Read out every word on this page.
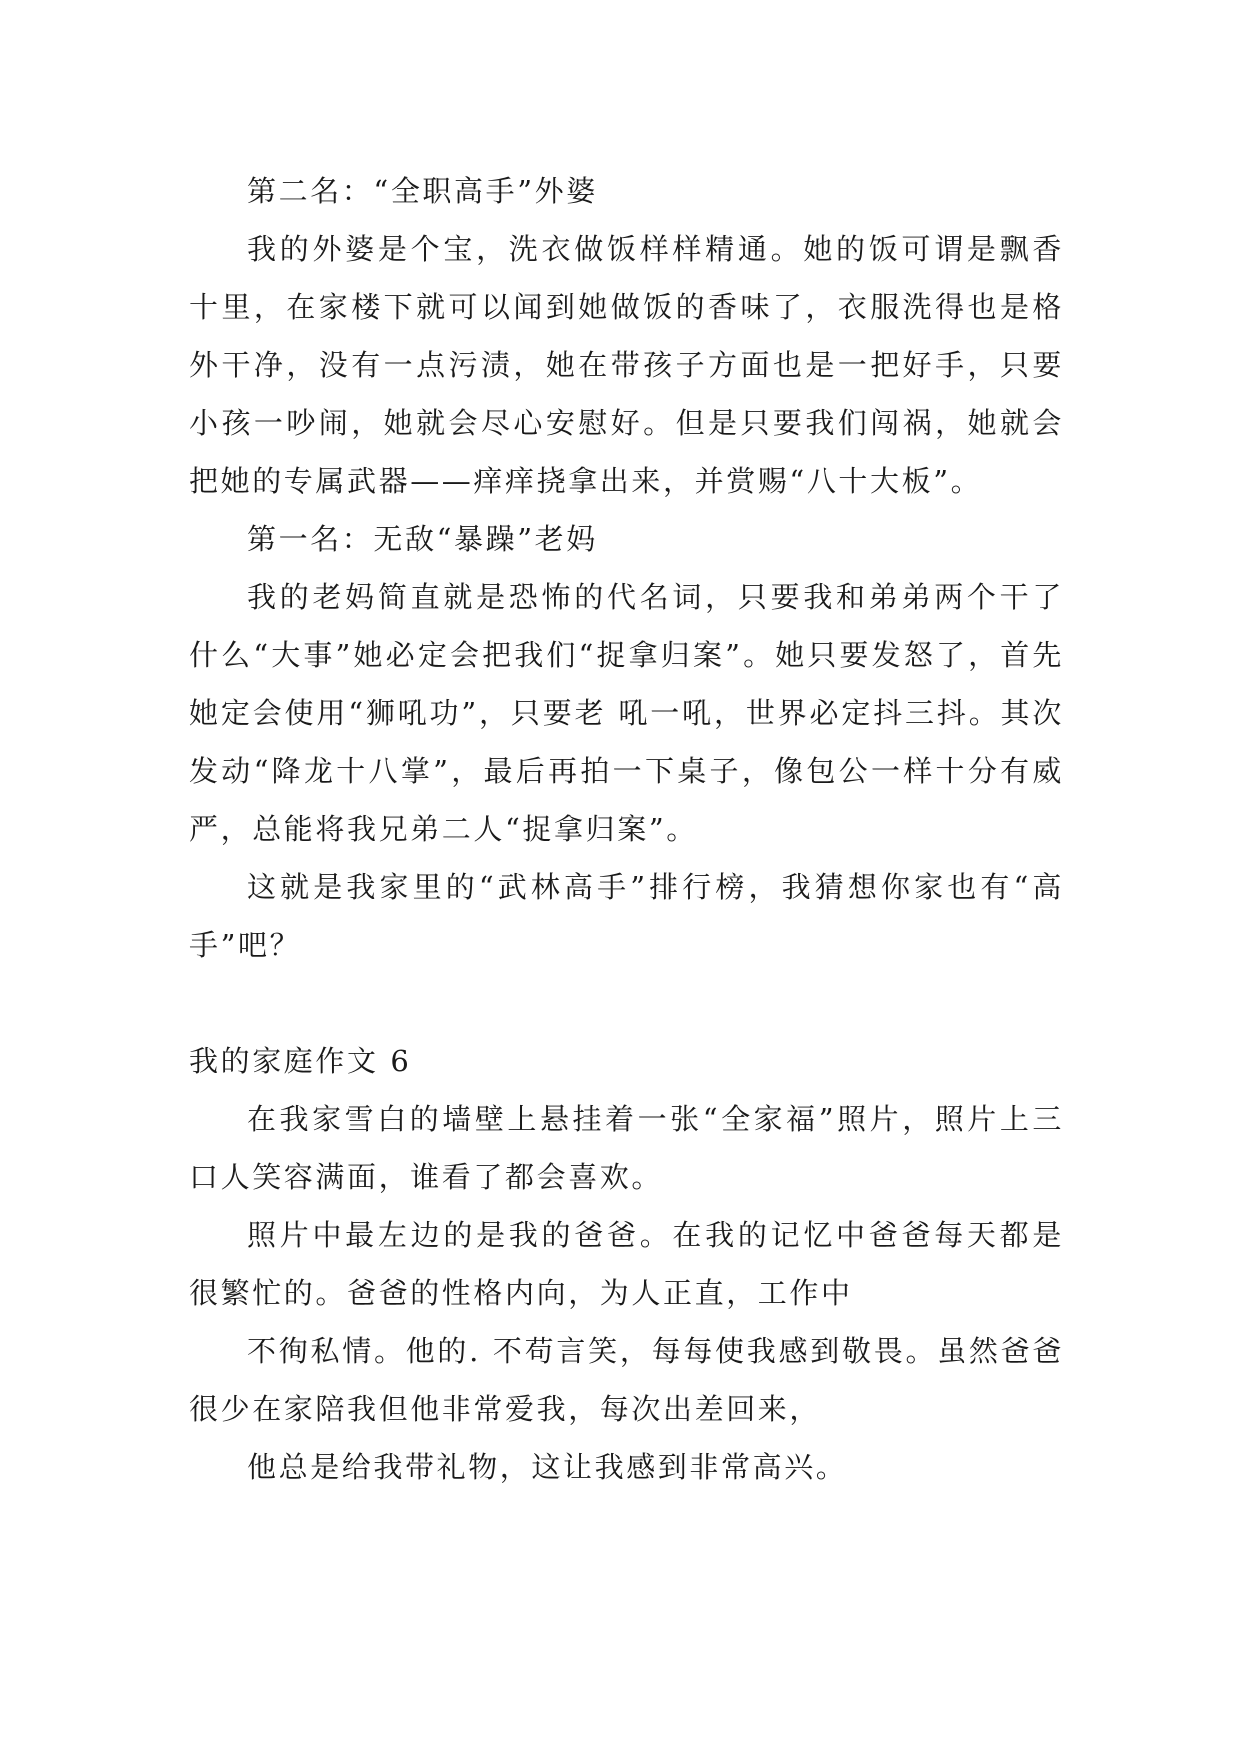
第二名：“全职高手”外婆

我的外婆是个宝，洗衣做饭样样精通。她的饭可谓是飘香十里，在家楼下就可以闻到她做饭的香味了，衣服洗得也是格外干净，没有一点污渍，她在带孩子方面也是一把好手，只要小孩一吵闹，她就会尽心安慰好。但是只要我们闯祸，她就会把她的专属武器——痒痒挠拿出来，并赏赐“八十大板”。

第一名：无敌“暴躁”老妈

我的老妈简直就是恐怖的代名词，只要我和弟弟两个干了什么“大事”她必定会把我们“捉拿归案”。她只要发怒了，首先她定会使用“狮吼功”，只要老 吼一吼，世界必定抖三抖。其次发动“降龙十八掌”，最后再拍一下桌子，像包公一样十分有威严，总能将我兄弟二人“捉拿归案”。

这就是我家里的“武林高手”排行榜，我猜想你家也有“高手”吧？

我的家庭作文 6

在我家雪白的墙壁上悬挂着一张“全家福”照片，照片上三口人笑容满面，谁看了都会喜欢。

照片中最左边的是我的爸爸。在我的记忆中爸爸每天都是很繁忙的。爸爸的性格内向，为人正直，工作中

不徇私情。他的. 不苟言笑，每每使我感到敬畏。虽然爸爸很少在家陪我但他非常爱我，每次出差回来，

他总是给我带礼物，这让我感到非常高兴。
